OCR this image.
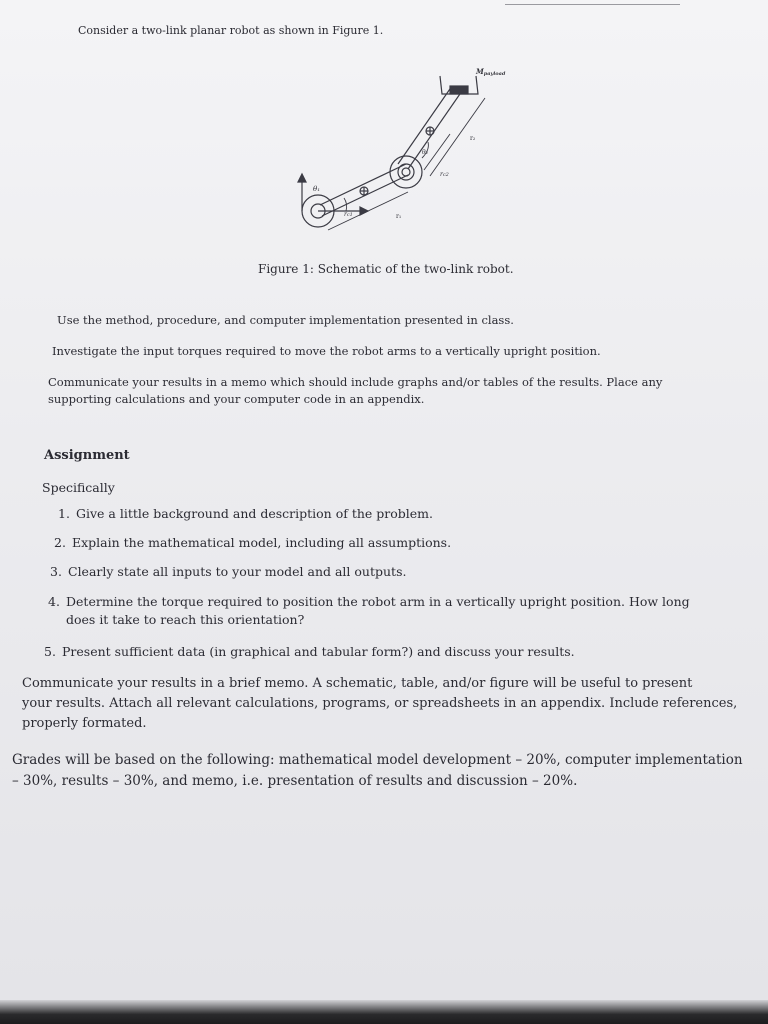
Consider a two-link planar robot as shown in Figure 1.

Mpayload
r₂
r₁
θ₁
θ₂
rc1
rc2

Figure 1: Schematic of the two-link robot.

Use the method, procedure, and computer implementation presented in class.

Investigate the input torques required to move the robot arms to a vertically upright position.

Communicate your results in a memo which should include graphs and/or tables of the results. Place any
supporting calculations and your computer code in an appendix.

Assignment

Specifically

1. Give a little background and description of the problem.
2. Explain the mathematical model, including all assumptions.
3. Clearly state all inputs to your model and all outputs.
4. Determine the torque required to position the robot arm in a vertically upright position. How long
does it take to reach this orientation?
5. Present sufficient data (in graphical and tabular form?) and discuss your results.

Communicate your results in a brief memo. A schematic, table, and/or figure will be useful to present
your results. Attach all relevant calculations, programs, or spreadsheets in an appendix. Include references,
properly formated.

Grades will be based on the following: mathematical model development – 20%, computer implementation
– 30%, results – 30%, and memo, i.e. presentation of results and discussion – 20%.
